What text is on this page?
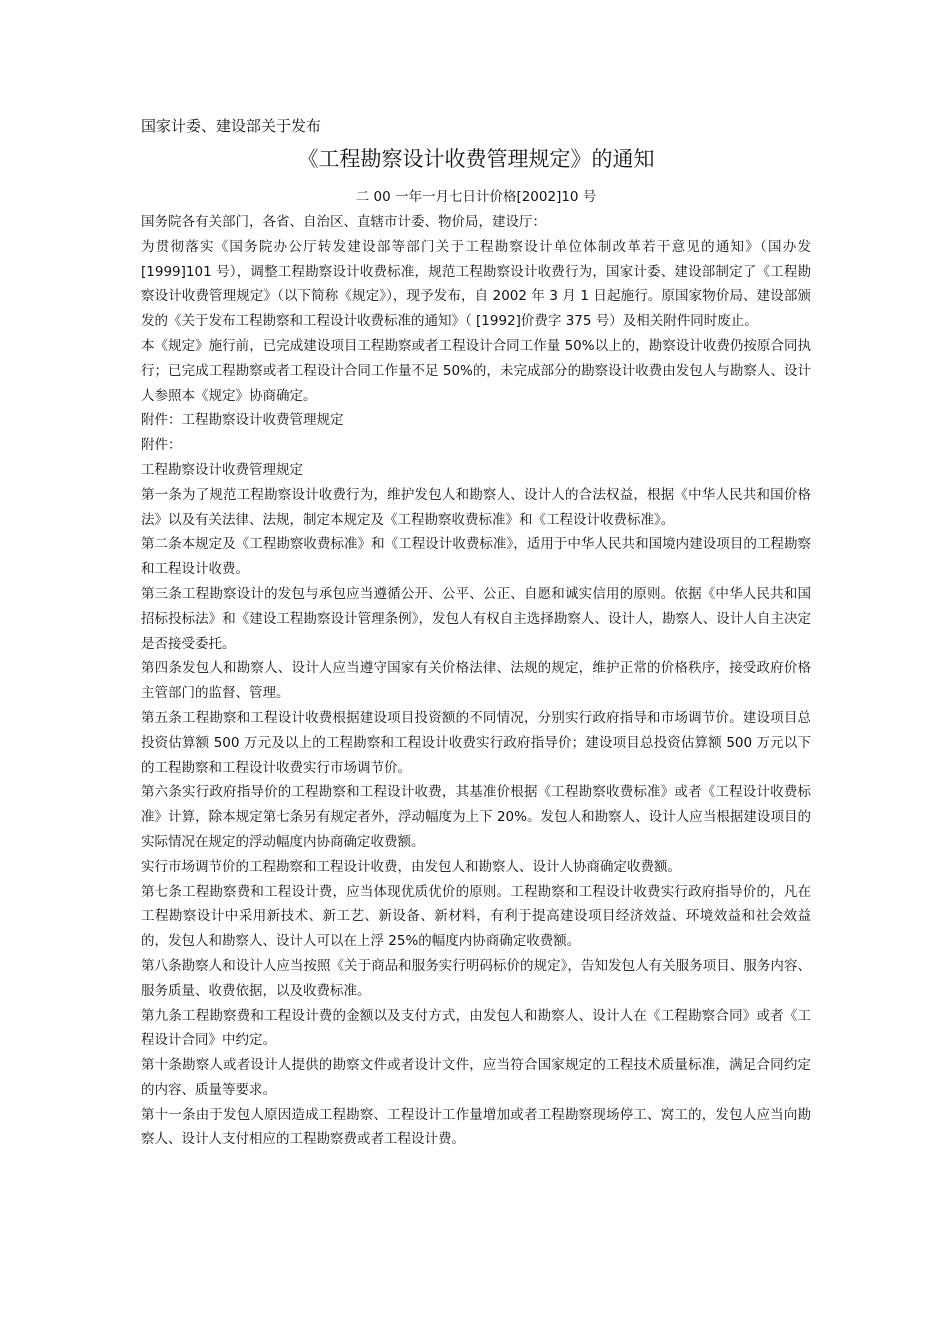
国家计委、建设部关于发布

《工程勘察设计收费管理规定》的通知

二 00 一年一月七日计价格[2002]10 号

国务院各有关部门，各省、自治区、直辖市计委、物价局，建设厅：

为贯彻落实《国务院办公厅转发建设部等部门关于工程勘察设计单位体制改革若干意见的通知》（国办发[1999]101 号），调整工程勘察设计收费标准，规范工程勘察设计收费行为，国家计委、建设部制定了《工程勘察设计收费管理规定》（以下简称《规定》），现予发布，自 2002 年 3 月 1 日起施行。原国家物价局、建设部颁发的《关于发布工程勘察和工程设计收费标准的通知》（ [1992]价费字 375 号）及相关附件同时废止。

本《规定》施行前，已完成建设项目工程勘察或者工程设计合同工作量 50%以上的，勘察设计收费仍按原合同执行；已完成工程勘察或者工程设计合同工作量不足 50%的，未完成部分的勘察设计收费由发包人与勘察人、设计人参照本《规定》协商确定。

附件：工程勘察设计收费管理规定

附件：

工程勘察设计收费管理规定

第一条为了规范工程勘察设计收费行为，维护发包人和勘察人、设计人的合法权益，根据《中华人民共和国价格法》以及有关法律、法规，制定本规定及《工程勘察收费标准》和《工程设计收费标准》。

第二条本规定及《工程勘察收费标准》和《工程设计收费标准》，适用于中华人民共和国境内建设项目的工程勘察和工程设计收费。

第三条工程勘察设计的发包与承包应当遵循公开、公平、公正、自愿和诚实信用的原则。依据《中华人民共和国招标投标法》和《建设工程勘察设计管理条例》，发包人有权自主选择勘察人、设计人，勘察人、设计人自主决定是否接受委托。

第四条发包人和勘察人、设计人应当遵守国家有关价格法律、法规的规定，维护正常的价格秩序，接受政府价格主管部门的监督、管理。

第五条工程勘察和工程设计收费根据建设项目投资额的不同情况，分别实行政府指导和市场调节价。建设项目总投资估算额 500 万元及以上的工程勘察和工程设计收费实行政府指导价；建设项目总投资估算额 500 万元以下的工程勘察和工程设计收费实行市场调节价。

第六条实行政府指导价的工程勘察和工程设计收费，其基准价根据《工程勘察收费标准》或者《工程设计收费标准》计算，除本规定第七条另有规定者外，浮动幅度为上下 20%。发包人和勘察人、设计人应当根据建设项目的实际情况在规定的浮动幅度内协商确定收费额。

实行市场调节价的工程勘察和工程设计收费，由发包人和勘察人、设计人协商确定收费额。

第七条工程勘察费和工程设计费，应当体现优质优价的原则。工程勘察和工程设计收费实行政府指导价的，凡在工程勘察设计中采用新技术、新工艺、新设备、新材料，有利于提高建设项目经济效益、环境效益和社会效益的，发包人和勘察人、设计人可以在上浮 25%的幅度内协商确定收费额。

第八条勘察人和设计人应当按照《关于商品和服务实行明码标价的规定》，告知发包人有关服务项目、服务内容、服务质量、收费依据，以及收费标准。

第九条工程勘察费和工程设计费的金额以及支付方式，由发包人和勘察人、设计人在《工程勘察合同》或者《工程设计合同》中约定。

第十条勘察人或者设计人提供的勘察文件或者设计文件，应当符合国家规定的工程技术质量标准，满足合同约定的内容、质量等要求。

第十一条由于发包人原因造成工程勘察、工程设计工作量增加或者工程勘察现场停工、窝工的，发包人应当向勘察人、设计人支付相应的工程勘察费或者工程设计费。
